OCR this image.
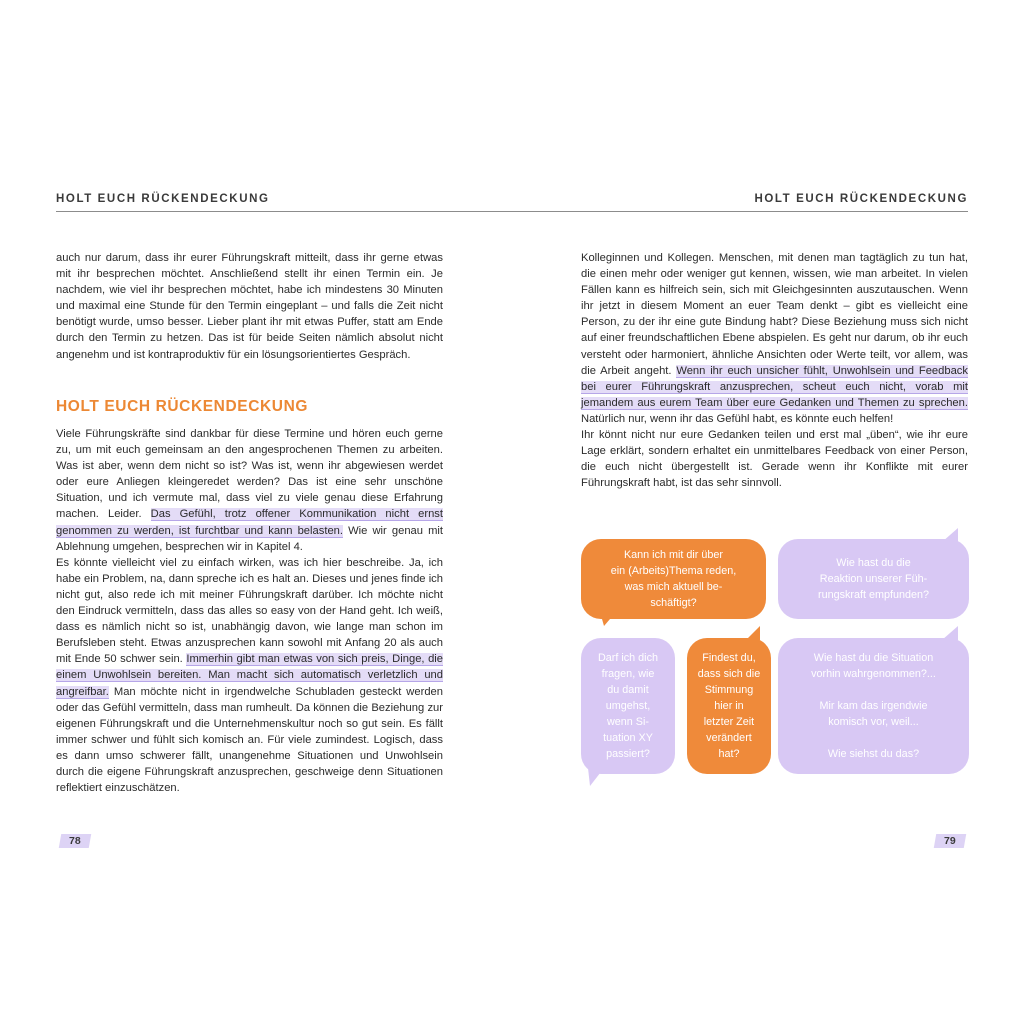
HOLT EUCH RÜCKENDECKUNG

auch nur darum, dass ihr eurer Führungskraft mitteilt, dass ihr gerne etwas mit ihr besprechen möchtet. Anschließend stellt ihr einen Termin ein. Je nachdem, wie viel ihr besprechen möchtet, habe ich mindestens 30 Minuten und maximal eine Stunde für den Termin eingeplant – und falls die Zeit nicht benötigt wurde, umso besser. Lieber plant ihr mit etwas Puffer, statt am Ende durch den Termin zu hetzen. Das ist für beide Seiten nämlich absolut nicht angenehm und ist kontraproduktiv für ein lösungsorientiertes Gespräch.

HOLT EUCH RÜCKENDECKUNG

Viele Führungskräfte sind dankbar für diese Termine und hören euch gerne zu, um mit euch gemeinsam an den angesprochenen Themen zu arbeiten. Was ist aber, wenn dem nicht so ist? Was ist, wenn ihr abgewiesen werdet oder eure Anliegen kleingeredet werden? Das ist eine sehr unschöne Situation, und ich vermute mal, dass viel zu viele genau diese Erfahrung machen. Leider. Das Gefühl, trotz offener Kommunikation nicht ernst genommen zu werden, ist furchtbar und kann belasten. Wie wir genau mit Ablehnung umgehen, besprechen wir in Kapitel 4.

Es könnte vielleicht viel zu einfach wirken, was ich hier beschreibe. Ja, ich habe ein Problem, na, dann spreche ich es halt an. Dieses und jenes finde ich nicht gut, also rede ich mit meiner Führungskraft darüber. Ich möchte nicht den Eindruck vermitteln, dass das alles so easy von der Hand geht. Ich weiß, dass es nämlich nicht so ist, unabhängig davon, wie lange man schon im Berufsleben steht. Etwas anzusprechen kann sowohl mit Anfang 20 als auch mit Ende 50 schwer sein. Immerhin gibt man etwas von sich preis, Dinge, die einem Unwohlsein bereiten. Man macht sich automatisch verletzlich und angreifbar. Man möchte nicht in irgendwelche Schubladen gesteckt werden oder das Gefühl vermitteln, dass man rumheult. Da können die Beziehung zur eigenen Führungskraft und die Unternehmenskultur noch so gut sein. Es fällt immer schwer und fühlt sich komisch an. Für viele zumindest. Logisch, dass es dann umso schwerer fällt, unangenehme Situationen und Unwohlsein durch die eigene Führungskraft anzusprechen, geschweige denn Situationen reflektiert einzuschätzen.

78
HOLT EUCH RÜCKENDECKUNG

Kolleginnen und Kollegen. Menschen, mit denen man tagtäglich zu tun hat, die einen mehr oder weniger gut kennen, wissen, wie man arbeitet. In vielen Fällen kann es hilfreich sein, sich mit Gleichgesinnten auszutauschen. Wenn ihr jetzt in diesem Moment an euer Team denkt – gibt es vielleicht eine Person, zu der ihr eine gute Bindung habt? Diese Beziehung muss sich nicht auf einer freundschaftlichen Ebene abspielen. Es geht nur darum, ob ihr euch versteht oder harmoniert, ähnliche Ansichten oder Werte teilt, vor allem, was die Arbeit angeht. Wenn ihr euch unsicher fühlt, Unwohlsein und Feedback bei eurer Führungskraft anzusprechen, scheut euch nicht, vorab mit jemandem aus eurem Team über eure Gedanken und Themen zu sprechen. Natürlich nur, wenn ihr das Gefühl habt, es könnte euch helfen!

Ihr könnt nicht nur eure Gedanken teilen und erst mal „üben“, wie ihr eure Lage erklärt, sondern erhaltet ein unmittelbares Feedback von einer Person, die euch nicht übergestellt ist. Gerade wenn ihr Konflikte mit eurer Führungskraft habt, ist das sehr sinnvoll.

Kann ich mit dir über
ein (Arbeits)Thema reden,
was mich aktuell be-
schäftigt?
Wie hast du die
Reaktion unserer Füh-
rungskraft empfunden?
Darf ich dich
fragen, wie
du damit
umgehst,
wenn Si-
tuation XY
passiert?
Findest du,
dass sich die
Stimmung
hier in
letzter Zeit
verändert
hat?
Wie hast du die Situation
vorhin wahrgenommen?...
Mir kam das irgendwie
komisch vor, weil...
Wie siehst du das?
79
